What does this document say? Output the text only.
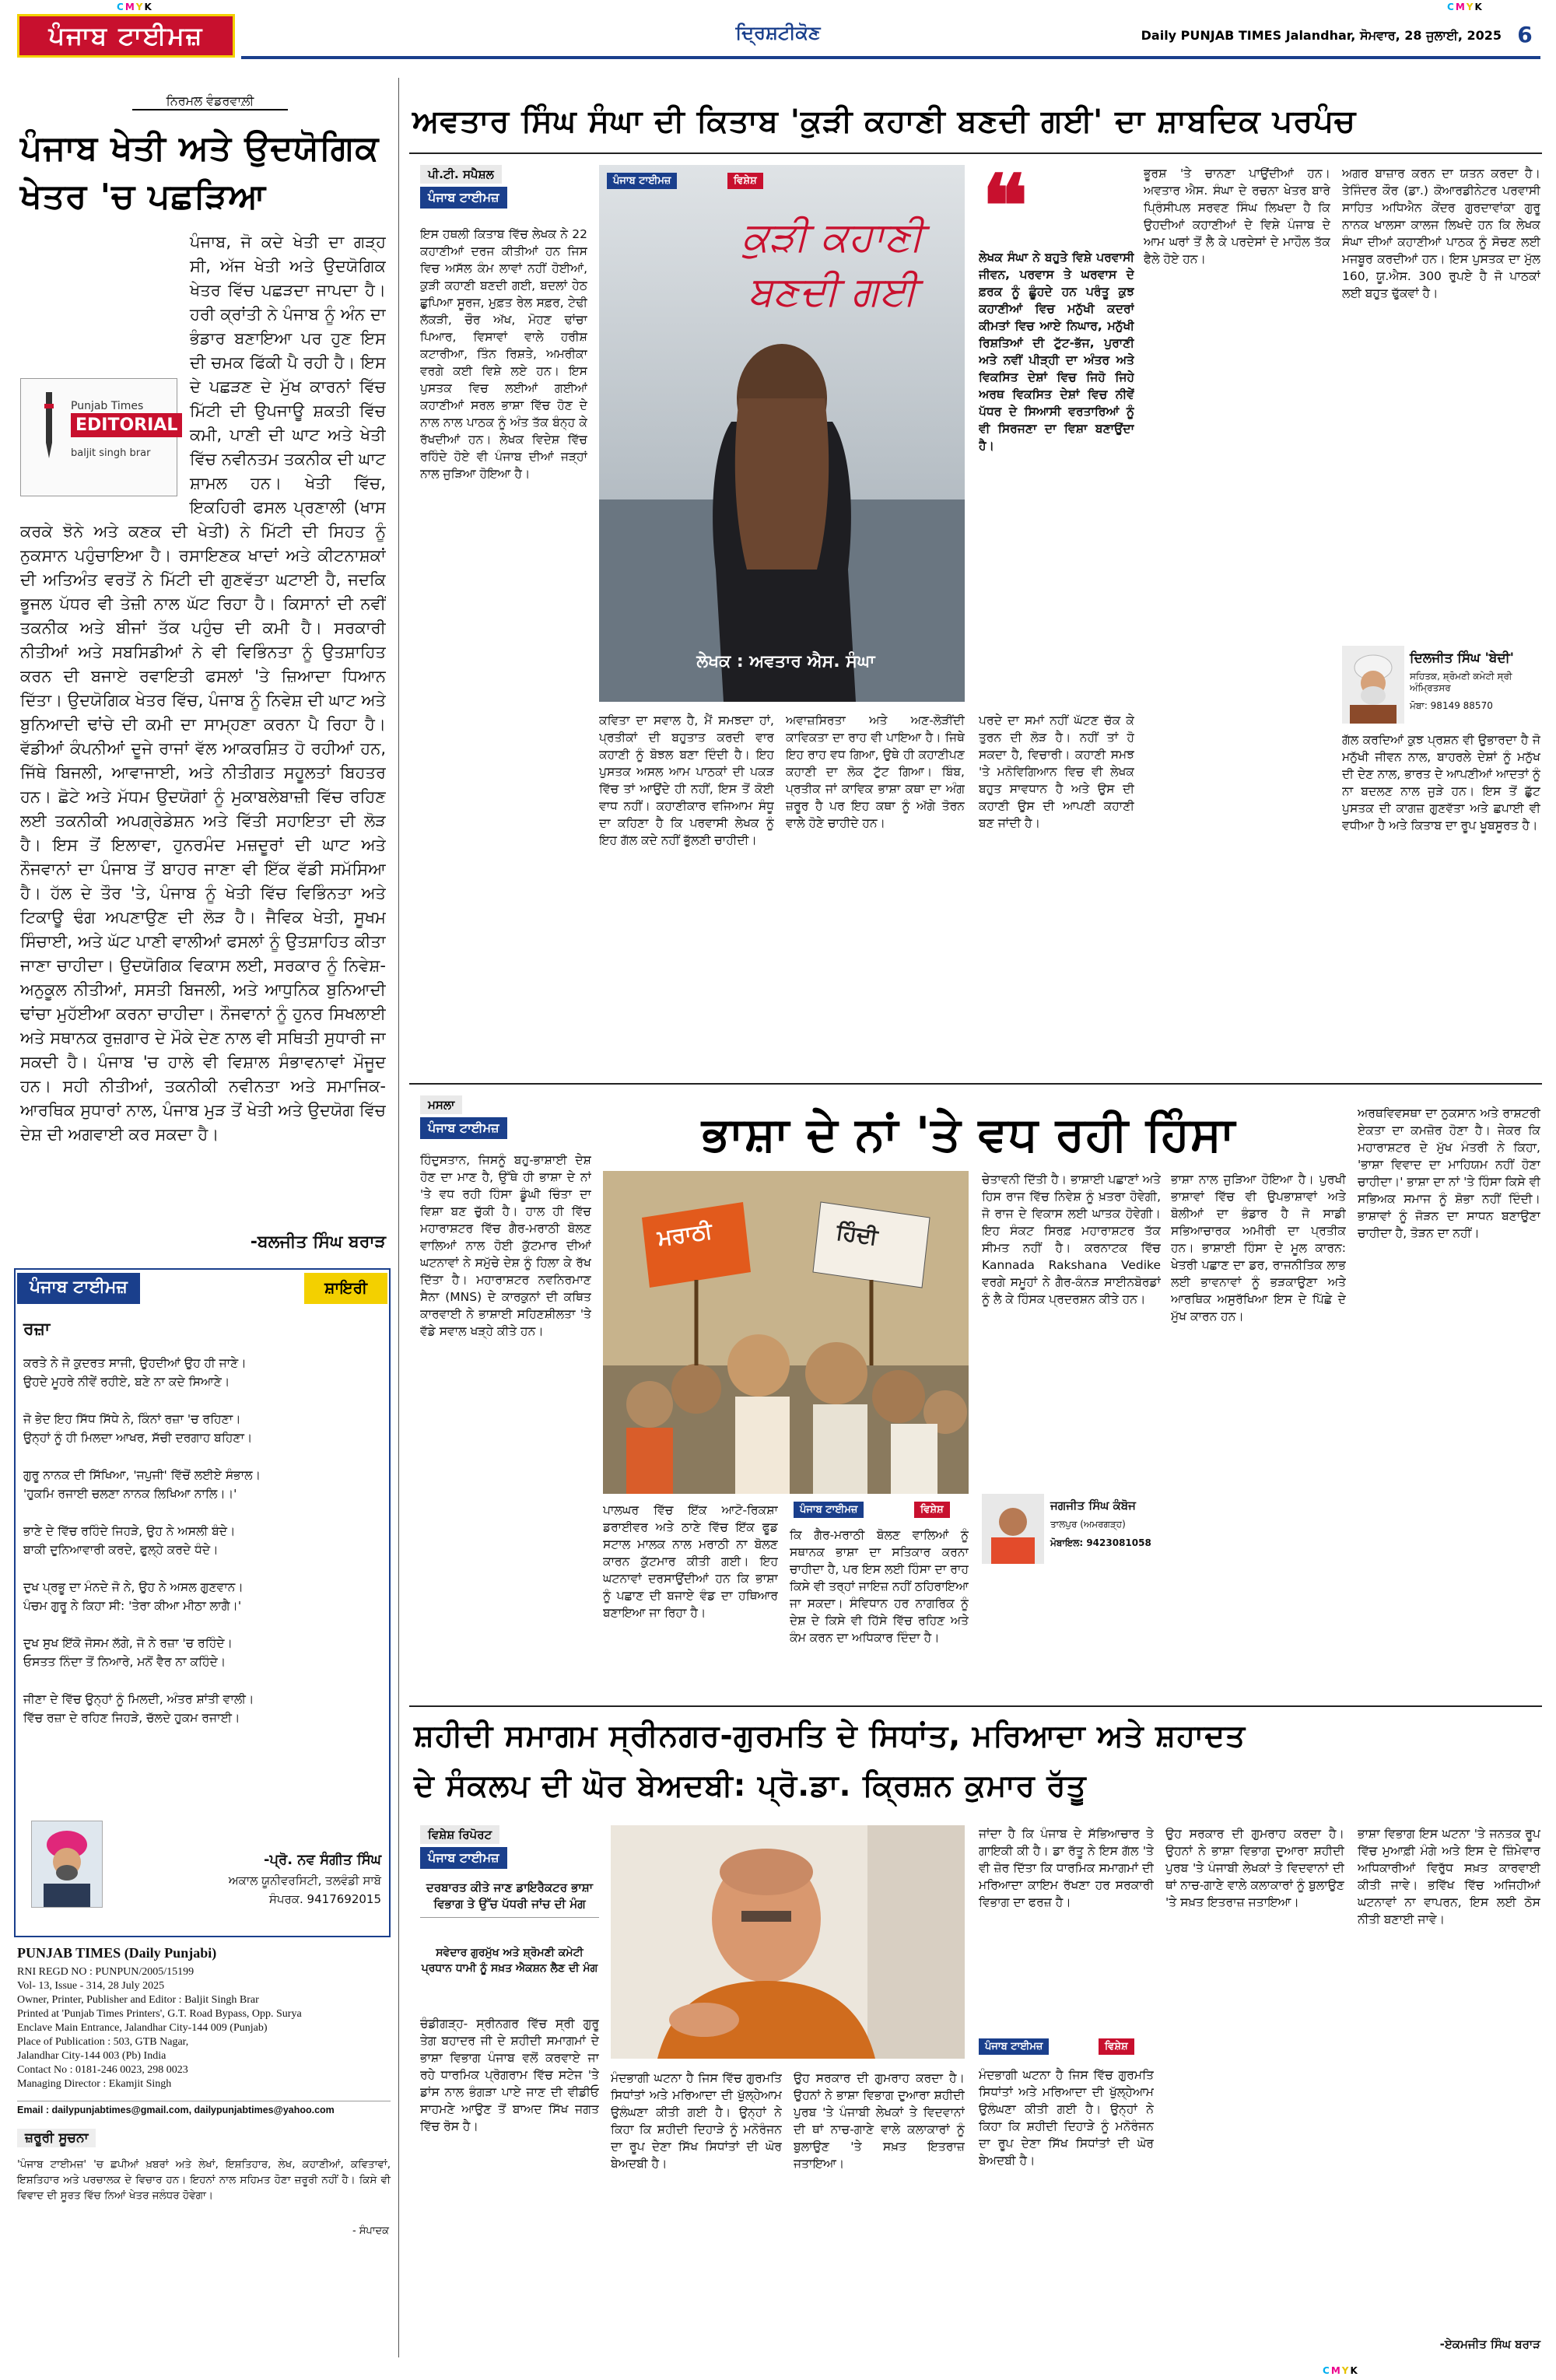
CMYK	CMYK
ਪੰਜਾਬ ਟਾਈਮਜ਼	ਦ੍ਰਿਸ਼ਟੀਕੋਣ	Daily PUNJAB TIMES Jalandhar, ਸੋਮਵਾਰ, 28 ਜੁਲਾਈ, 2025 6
ਨਿਰਮਲ ਵੰਡਰਵਾਲ਼ੀ
ਪੰਜਾਬ ਖੇਤੀ ਅਤੇ ਉਦਯੋਗਿਕ ਖੇਤਰ 'ਚ ਪਛੜਿਆ
Punjab Times
EDITORIAL
baljit singh brar
ਪੰਜਾਬ, ਜੋ ਕਦੇ ਖੇਤੀ ਦਾ ਗੜ੍ਹ ਸੀ, ਅੱਜ ਖੇਤੀ ਅਤੇ ਉਦਯੋਗਿਕ ਖੇਤਰ ਵਿੱਚ ਪਛੜਦਾ ਜਾਪਦਾ ਹੈ। ਹਰੀ ਕ੍ਰਾਂਤੀ ਨੇ ਪੰਜਾਬ ਨੂੰ ਅੰਨ ਦਾ ਭੰਡਾਰ ਬਣਾਇਆ ਪਰ ਹੁਣ ਇਸ ਦੀ ਚਮਕ ਫਿੱਕੀ ਪੈ ਰਹੀ ਹੈ। ਇਸ ਦੇ ਪਛੜਣ ਦੇ ਮੁੱਖ ਕਾਰਨਾਂ ਵਿੱਚ ਮਿੱਟੀ ਦੀ ਉਪਜਾਊ ਸ਼ਕਤੀ ਵਿੱਚ ਕਮੀ, ਪਾਣੀ ਦੀ ਘਾਟ ਅਤੇ ਖੇਤੀ ਵਿੱਚ ਨਵੀਨਤਮ ਤਕਨੀਕ ਦੀ ਘਾਟ ਸ਼ਾਮਲ ਹਨ। ਖੇਤੀ ਵਿੱਚ, ਇਕਹਿਰੀ ਫਸਲ ਪ੍ਰਣਾਲੀ (ਖਾਸ ਕਰਕੇ ਝੋਨੇ ਅਤੇ ਕਣਕ ਦੀ ਖੇਤੀ) ਨੇ ਮਿੱਟੀ ਦੀ ਸਿਹਤ ਨੂੰ ਨੁਕਸਾਨ ਪਹੁੰਚਾਇਆ ਹੈ। ਰਸਾਇਣਕ ਖਾਦਾਂ ਅਤੇ ਕੀਟਨਾਸ਼ਕਾਂ ਦੀ ਅਤਿਅੰਤ ਵਰਤੋਂ ਨੇ ਮਿੱਟੀ ਦੀ ਗੁਣਵੱਤਾ ਘਟਾਈ ਹੈ, ਜਦਕਿ ਭੂਜਲ ਪੱਧਰ ਵੀ ਤੇਜ਼ੀ ਨਾਲ ਘੱਟ ਰਿਹਾ ਹੈ। ਕਿਸਾਨਾਂ ਦੀ ਨਵੀਂ ਤਕਨੀਕ ਅਤੇ ਬੀਜਾਂ ਤੱਕ ਪਹੁੰਚ ਦੀ ਕਮੀ ਹੈ। ਸਰਕਾਰੀ ਨੀਤੀਆਂ ਅਤੇ ਸਬਸਿਡੀਆਂ ਨੇ ਵੀ ਵਿਭਿੰਨਤਾ ਨੂੰ ਉਤਸ਼ਾਹਿਤ ਕਰਨ ਦੀ ਬਜਾਏ ਰਵਾਇਤੀ ਫਸਲਾਂ 'ਤੇ ਜ਼ਿਆਦਾ ਧਿਆਨ ਦਿੱਤਾ। ਉਦਯੋਗਿਕ ਖੇਤਰ ਵਿੱਚ, ਪੰਜਾਬ ਨੂੰ ਨਿਵੇਸ਼ ਦੀ ਘਾਟ ਅਤੇ ਬੁਨਿਆਦੀ ਢਾਂਚੇ ਦੀ ਕਮੀ ਦਾ ਸਾਮ੍ਹਣਾ ਕਰਨਾ ਪੈ ਰਿਹਾ ਹੈ। ਵੱਡੀਆਂ ਕੰਪਨੀਆਂ ਦੂਜੇ ਰਾਜਾਂ ਵੱਲ ਆਕਰਸ਼ਿਤ ਹੋ ਰਹੀਆਂ ਹਨ, ਜਿੱਥੇ ਬਿਜਲੀ, ਆਵਾਜਾਈ, ਅਤੇ ਨੀਤੀਗਤ ਸਹੂਲਤਾਂ ਬਿਹਤਰ ਹਨ। ਛੋਟੇ ਅਤੇ ਮੱਧਮ ਉਦਯੋਗਾਂ ਨੂੰ ਮੁਕਾਬਲੇਬਾਜ਼ੀ ਵਿੱਚ ਰਹਿਣ ਲਈ ਤਕਨੀਕੀ ਅਪਗ੍ਰੇਡੇਸ਼ਨ ਅਤੇ ਵਿੱਤੀ ਸਹਾਇਤਾ ਦੀ ਲੋੜ ਹੈ। ਇਸ ਤੋਂ ਇਲਾਵਾ, ਹੁਨਰਮੰਦ ਮਜ਼ਦੂਰਾਂ ਦੀ ਘਾਟ ਅਤੇ ਨੌਜਵਾਨਾਂ ਦਾ ਪੰਜਾਬ ਤੋਂ ਬਾਹਰ ਜਾਣਾ ਵੀ ਇੱਕ ਵੱਡੀ ਸਮੱਸਿਆ ਹੈ। ਹੱਲ ਦੇ ਤੌਰ 'ਤੇ, ਪੰਜਾਬ ਨੂੰ ਖੇਤੀ ਵਿੱਚ ਵਿਭਿੰਨਤਾ ਅਤੇ ਟਿਕਾਊ ਢੰਗ ਅਪਣਾਉਣ ਦੀ ਲੋੜ ਹੈ। ਜੈਵਿਕ ਖੇਤੀ, ਸੂਖਮ ਸਿੰਚਾਈ, ਅਤੇ ਘੱਟ ਪਾਣੀ ਵਾਲੀਆਂ ਫਸਲਾਂ ਨੂੰ ਉਤਸ਼ਾਹਿਤ ਕੀਤਾ ਜਾਣਾ ਚਾਹੀਦਾ। ਉਦਯੋਗਿਕ ਵਿਕਾਸ ਲਈ, ਸਰਕਾਰ ਨੂੰ ਨਿਵੇਸ਼-ਅਨੁਕੂਲ ਨੀਤੀਆਂ, ਸਸਤੀ ਬਿਜਲੀ, ਅਤੇ ਆਧੁਨਿਕ ਬੁਨਿਆਦੀ ਢਾਂਚਾ ਮੁਹੱਈਆ ਕਰਨਾ ਚਾਹੀਦਾ। ਨੌਜਵਾਨਾਂ ਨੂੰ ਹੁਨਰ ਸਿਖਲਾਈ ਅਤੇ ਸਥਾਨਕ ਰੁਜ਼ਗਾਰ ਦੇ ਮੌਕੇ ਦੇਣ ਨਾਲ ਵੀ ਸਥਿਤੀ ਸੁਧਾਰੀ ਜਾ ਸਕਦੀ ਹੈ। ਪੰਜਾਬ 'ਚ ਹਾਲੇ ਵੀ ਵਿਸ਼ਾਲ ਸੰਭਾਵਨਾਵਾਂ ਮੌਜੂਦ ਹਨ। ਸਹੀ ਨੀਤੀਆਂ, ਤਕਨੀਕੀ ਨਵੀਨਤਾ ਅਤੇ ਸਮਾਜਿਕ-ਆਰਥਿਕ ਸੁਧਾਰਾਂ ਨਾਲ, ਪੰਜਾਬ ਮੁੜ ਤੋਂ ਖੇਤੀ ਅਤੇ ਉਦਯੋਗ ਵਿੱਚ ਦੇਸ਼ ਦੀ ਅਗਵਾਈ ਕਰ ਸਕਦਾ ਹੈ।
-ਬਲਜੀਤ ਸਿੰਘ ਬਰਾੜ
ਪੰਜਾਬ ਟਾਈਮਜ਼	ਸ਼ਾਇਰੀ
ਰਜ਼ਾ
ਕਰਤੇ ਨੇ ਜੋ ਕੁਦਰਤ ਸਾਜੀ, ਉਹਦੀਆਂ ਉਹ ਹੀ ਜਾਣੇ।
ਉਹਦੇ ਮੂਹਰੇ ਨੀਵੇਂ ਰਹੀਏ, ਬਣੇ ਨਾ ਕਦੇ ਸਿਆਣੇ।
ਜੋ ਭੇਦ ਇਹ ਸਿੱਧ ਸਿੱਧੇ ਨੇ, ਕਿੰਨਾਂ ਰਜ਼ਾ 'ਚ ਰਹਿਣਾ।
ਉਨ੍ਹਾਂ ਨੂੰ ਹੀ ਮਿਲਦਾ ਆਖਰ, ਸੱਚੀ ਦਰਗਾਹ ਬਹਿਣਾ।
ਗੁਰੂ ਨਾਨਕ ਦੀ ਸਿੱਖਿਆ, 'ਜਪੁਜੀ' ਵਿੱਚੋਂ ਲਈਏ ਸੰਭਾਲ।
'ਹੁਕਮਿ ਰਜਾਈ ਚਲਣਾ ਨਾਨਕ ਲਿਖਿਆ ਨਾਲਿ।।'
ਭਾਣੇ ਦੇ ਵਿੱਚ ਰਹਿੰਦੇ ਜਿਹੜੇ, ਉਹ ਨੇ ਅਸਲੀ ਬੰਦੇ।
ਬਾਕੀ ਦੁਨਿਆਵਾਰੀ ਕਰਦੇ, ਫੁਲ੍ਹੇ ਕਰਦੇ ਧੰਦੇ।
ਦੁਖ ਪ੍ਰਭੂ ਦਾ ਮੰਨਦੇ ਜੋ ਨੇ, ਉਹ ਨੇ ਅਸਲ ਗੁਣਵਾਨ।
ਪੰਚਮ ਗੁਰੂ ਨੇ ਕਿਹਾ ਸੀ: 'ਤੇਰਾ ਕੀਆ ਮੀਠਾ ਲਾਗੈ।'
ਦੁਖ ਸੁਖ ਇੱਕੋ ਜੋਸਮ ਲੱਗੇ, ਜੋ ਨੇ ਰਜ਼ਾ 'ਚ ਰਹਿੰਦੇ।
ਓਸਤਤ ਨਿੰਦਾ ਤੋਂ ਨਿਆਰੇ, ਮਨੋਂ ਵੈਰ ਨਾ ਕਹਿੰਦੇ।
ਜੀਣਾ ਦੇ ਵਿੱਚ ਉਨ੍ਹਾਂ ਨੂੰ ਮਿਲਦੀ, ਅੰਤਰ ਸ਼ਾਂਤੀ ਵਾਲੀ।
ਵਿੱਚ ਰਜ਼ਾ ਦੇ ਰਹਿਣ ਜਿਹੜੇ, ਚੱਲਦੇ ਹੁਕਮ ਰਜਾਈ।
-ਪ੍ਰੋ. ਨਵ ਸੰਗੀਤ ਸਿੰਘ
ਅਕਾਲ ਯੂਨੀਵਰਸਿਟੀ, ਤਲਵੰਡੀ ਸਾਬੋ
ਸੰਪਰਕ. 9417692015
PUNJAB TIMES (Daily Punjabi)
RNI REGD NO : PUNPUN/2005/15199
Vol- 13, Issue - 314, 28 July 2025
Owner, Printer, Publisher and Editor : Baljit Singh Brar
Printed at 'Punjab Times Printers', G.T. Road Bypass, Opp. Surya
Enclave Main Entrance, Jalandhar City-144 009 (Punjab)
Place of Publication : 503, GTB Nagar,
Jalandhar City-144 003 (Pb) India
Contact No : 0181-246 0023, 298 0023
Managing Director : Ekamjit Singh
Email : dailypunjabtimes@gmail.com, dailypunjabtimes@yahoo.com
ਜ਼ਰੂਰੀ ਸੂਚਨਾ
'ਪੰਜਾਬ ਟਾਈਮਜ਼' 'ਚ ਛਪੀਆਂ ਖ਼ਬਰਾਂ ਅਤੇ ਲੇਖਾਂ, ਇਸ਼ਤਿਹਾਰ, ਲੇਖ, ਕਹਾਣੀਆਂ, ਕਵਿਤਾਵਾਂ, ਇਸ਼ਤਿਹਾਰ ਅਤੇ ਪਰਚਾਲਕ ਦੇ ਵਿਚਾਰ ਹਨ। ਇਹਨਾਂ ਨਾਲ ਸਹਿਮਤ ਹੋਣਾ ਜ਼ਰੂਰੀ ਨਹੀਂ ਹੈ। ਕਿਸੇ ਵੀ ਵਿਵਾਦ ਦੀ ਸੂਰਤ ਵਿੱਚ ਨਿਆਂ ਖੇਤਰ ਜਲੰਧਰ ਹੋਵੇਗਾ।
- ਸੰਪਾਦਕ
ਅਵਤਾਰ ਸਿੰਘ ਸੰਘਾ ਦੀ ਕਿਤਾਬ 'ਕੁੜੀ ਕਹਾਣੀ ਬਣਦੀ ਗਈ' ਦਾ ਸ਼ਾਬਦਿਕ ਪਰਪੰਚ
ਪੀ.ਟੀ. ਸਪੈਸ਼ਲ
ਪੰਜਾਬ ਟਾਈਮਜ਼
ਇਸ ਹਥਲੀ ਕਿਤਾਬ ਵਿੱਚ ਲੇਖਕ ਨੇ 22 ਕਹਾਣੀਆਂ ਦਰਜ ਕੀਤੀਆਂ ਹਨ ਜਿਸ ਵਿਚ ਅਸੱਲ ਕੰਮ ਲਾਵਾਂ ਨਹੀਂ ਹੋਈਆਂ, ਕੁੜੀ ਕਹਾਣੀ ਬਣਦੀ ਗਈ, ਬਦਲਾਂ ਹੇਠ ਛੁਪਿਆ ਸੂਰਜ, ਮੁਫ਼ਤ ਰੇਲ ਸਫ਼ਰ, ਟੇਢੀ ਲੱਕੜੀ, ਚੌਰ ਅੱਖ, ਮੋਹਣ ਢਾਂਚਾ ਪਿਆਰ, ਵਿਸਾਵਾਂ ਵਾਲੇ ਹਰੀਸ਼ ਕਟਾਰੀਆ, ਤਿੰਨ ਰਿਸ਼ਤੇ, ਅਮਰੀਕਾ ਵਰਗੇ ਕਈ ਵਿਸ਼ੇ ਲਏ ਹਨ। ਇਸ ਪੁਸਤਕ ਵਿਚ ਲਈਆਂ ਗਈਆਂ ਕਹਾਣੀਆਂ ਸਰਲ ਭਾਸ਼ਾ ਵਿੱਚ ਹੋਣ ਦੇ ਨਾਲ ਨਾਲ ਪਾਠਕ ਨੂੰ ਅੰਤ ਤੱਕ ਬੰਨ੍ਹ ਕੇ ਰੱਖਦੀਆਂ ਹਨ। ਲੇਖਕ ਵਿਦੇਸ਼ ਵਿੱਚ ਰਹਿੰਦੇ ਹੋਏ ਵੀ ਪੰਜਾਬ ਦੀਆਂ ਜੜ੍ਹਾਂ ਨਾਲ ਜੁੜਿਆ ਹੋਇਆ ਹੈ।
ਪੰਜਾਬ ਟਾਈਮਜ਼	ਵਿਸ਼ੇਸ਼
ਕੁੜੀ ਕਹਾਣੀ ਬਣਦੀ ਗਈ
ਲੇਖਕ : ਅਵਤਾਰ ਐਸ. ਸੰਘਾ
❝
ਲੇਖਕ ਸੰਘਾ ਨੇ ਬਹੁਤੇ ਵਿਸ਼ੇ ਪਰਵਾਸੀ ਜੀਵਨ, ਪਰਵਾਸ ਤੇ ਘਰਵਾਸ ਦੇ ਫ਼ਰਕ ਨੂੰ ਛੂੰਹਦੇ ਹਨ ਪਰੰਤੂ ਕੁਝ ਕਹਾਣੀਆਂ ਵਿਚ ਮਨੁੱਖੀ ਕਦਰਾਂ ਕੀਮਤਾਂ ਵਿਚ ਆਏ ਨਿਘਾਰ, ਮਨੁੱਖੀ ਰਿਸ਼ਤਿਆਂ ਦੀ ਟੁੱਟ-ਭੱਜ, ਪੁਰਾਣੀ ਅਤੇ ਨਵੀਂ ਪੀੜ੍ਹੀ ਦਾ ਅੰਤਰ ਅਤੇ ਵਿਕਸਿਤ ਦੇਸ਼ਾਂ ਵਿਚ ਜਿਹੋ ਜਿਹੇ ਅਰਥ ਵਿਕਸਿਤ ਦੇਸ਼ਾਂ ਵਿਚ ਨੀਵੇਂ ਪੱਧਰ ਦੇ ਸਿਆਸੀ ਵਰਤਾਰਿਆਂ ਨੂੰ ਵੀ ਸਿਰਜਣਾ ਦਾ ਵਿਸ਼ਾ ਬਣਾਉਂਦਾ ਹੈ।
ਕਵਿਤਾ ਦਾ ਸਵਾਲ ਹੈ, ਮੈਂ ਸਮਝਦਾ ਹਾਂ, ਪ੍ਰਤੀਕਾਂ ਦੀ ਬਹੁਤਾਤ ਕਰਦੀ ਵਾਰ ਕਹਾਣੀ ਨੂੰ ਬੋਝਲ ਬਣਾ ਦਿੰਦੀ ਹੈ। ਇਹ ਪੁਸਤਕ ਅਸਲ ਆਮ ਪਾਠਕਾਂ ਦੀ ਪਕੜ ਵਿੱਚ ਤਾਂ ਆਉਂਦੇ ਹੀ ਨਹੀਂ, ਇਸ ਤੋਂ ਕੋਈ ਵਾਧ ਨਹੀਂ। ਕਹਾਣੀਕਾਰ ਵਜਿਆਮ ਸੰਧੂ ਦਾ ਕਹਿਣਾ ਹੈ ਕਿ ਪਰਵਾਸੀ ਲੇਖਕ ਨੂੰ ਇਹ ਗੱਲ ਕਦੇ ਨਹੀਂ ਭੁੱਲਣੀ ਚਾਹੀਦੀ।
ਅਵਾਜ਼ਸਿਰਤਾ ਅਤੇ ਅਣ-ਲੋੜੀਂਦੀ ਕਾਵਿਕਤਾ ਦਾ ਰਾਹ ਵੀ ਪਾਇਆ ਹੈ। ਜਿਥੇ ਇਹ ਰਾਹ ਵਧ ਗਿਆ, ਉਥੇ ਹੀ ਕਹਾਣੀਪਣ ਕਹਾਣੀ ਦਾ ਲੋਕ ਟੁੱਟ ਗਿਆ। ਬਿੰਬ, ਪ੍ਰਤੀਕ ਜਾਂ ਕਾਵਿਕ ਭਾਸ਼ਾ ਕਥਾ ਦਾ ਅੰਗ ਜ਼ਰੂਰ ਹੈ ਪਰ ਇਹ ਕਥਾ ਨੂੰ ਅੱਗੇ ਤੋਰਨ ਵਾਲੇ ਹੋਣੇ ਚਾਹੀਦੇ ਹਨ।
ਪਰਦੇ ਦਾ ਸਮਾਂ ਨਹੀਂ ਘੱਟਣ ਚੱਕ ਕੇ ਤੁਰਨ ਦੀ ਲੋੜ ਹੈ। ਨਹੀਂ ਤਾਂ ਹੋ ਸਕਦਾ ਹੈ, ਵਿਚਾਰੀ। ਕਹਾਣੀ ਸਮਝ 'ਤੇ ਮਨੋਵਿਗਿਆਨ ਵਿਚ ਵੀ ਲੇਖਕ ਬਹੁਤ ਸਾਵਧਾਨ ਹੈ ਅਤੇ ਉਸ ਦੀ ਕਹਾਣੀ ਉਸ ਦੀ ਆਪਣੀ ਕਹਾਣੀ ਬਣ ਜਾਂਦੀ ਹੈ।
ਭੂਰਸ਼ 'ਤੇ ਚਾਨਣਾ ਪਾਉਂਦੀਆਂ ਹਨ। ਅਵਤਾਰ ਐਸ. ਸੰਘਾ ਦੇ ਰਚਨਾ ਖੇਤਰ ਬਾਰੇ ਪ੍ਰਿੰਸੀਪਲ ਸਰਵਣ ਸਿੰਘ ਲਿਖਦਾ ਹੈ ਕਿ ਉਹਦੀਆਂ ਕਹਾਣੀਆਂ ਦੇ ਵਿਸ਼ੇ ਪੰਜਾਬ ਦੇ ਆਮ ਘਰਾਂ ਤੋਂ ਲੈ ਕੇ ਪਰਦੇਸਾਂ ਦੇ ਮਾਹੌਲ ਤੱਕ ਫੈਲੇ ਹੋਏ ਹਨ।
ਅਗਰ ਬਾਜ਼ਾਰ ਕਰਨ ਦਾ ਯਤਨ ਕਰਦਾ ਹੈ। ਤੇਜਿੰਦਰ ਕੌਰ (ਡਾ.) ਕੋਆਰਡੀਨੇਟਰ ਪਰਵਾਸੀ ਸਾਹਿਤ ਅਧਿਐਨ ਕੇਂਦਰ ਗੁਰਦਾਵਾਂਕਾ ਗੁਰੂ ਨਾਨਕ ਖਾਲਸਾ ਕਾਲਜ ਲਿਖਦੇ ਹਨ ਕਿ ਲੇਖਕ ਸੰਘਾ ਦੀਆਂ ਕਹਾਣੀਆਂ ਪਾਠਕ ਨੂੰ ਸੋਚਣ ਲਈ ਮਜਬੂਰ ਕਰਦੀਆਂ ਹਨ। ਇਸ ਪੁਸਤਕ ਦਾ ਮੁੱਲ 160, ਯੂ.ਐਸ. 300 ਰੁਪਏ ਹੈ ਜੋ ਪਾਠਕਾਂ ਲਈ ਬਹੁਤ ਢੁੱਕਵਾਂ ਹੈ।
ਦਿਲਜੀਤ ਸਿੰਘ 'ਬੇਦੀ'
ਸਹਿਤਕ, ਸ਼੍ਰੋਮਣੀ ਕਮੇਟੀ ਸ੍ਰੀ ਅੰਮ੍ਰਿਤਸਰ
ਮੋਬਾ: 98149 88570
ਗੱਲ ਕਰਦਿਆਂ ਕੁਝ ਪ੍ਰਸ਼ਨ ਵੀ ਉਭਾਰਦਾ ਹੈ ਜੋ ਮਨੁੱਖੀ ਜੀਵਨ ਨਾਲ, ਬਾਹਰਲੇ ਦੇਸ਼ਾਂ ਨੂੰ ਮਨੁੱਖ ਦੀ ਦੇਣ ਨਾਲ, ਭਾਰਤ ਦੇ ਆਪਣੀਆਂ ਆਦਤਾਂ ਨੂੰ ਨਾ ਬਦਲਣ ਨਾਲ ਜੁੜੇ ਹਨ। ਇਸ ਤੋਂ ਛੁੱਟ ਪੁਸਤਕ ਦੀ ਕਾਗਜ਼ ਗੁਣਵੱਤਾ ਅਤੇ ਛਪਾਈ ਵੀ ਵਧੀਆ ਹੈ ਅਤੇ ਕਿਤਾਬ ਦਾ ਰੂਪ ਖੂਬਸੂਰਤ ਹੈ।
ਮਸਲਾ
ਪੰਜਾਬ ਟਾਈਮਜ਼	ਭਾਸ਼ਾ ਦੇ ਨਾਂ 'ਤੇ ਵਧ ਰਹੀ ਹਿੰਸਾ
ਹਿੰਦੁਸਤਾਨ, ਜਿਸਨੂੰ ਬਹੁ-ਭਾਸ਼ਾਈ ਦੇਸ਼ ਹੋਣ ਦਾ ਮਾਣ ਹੈ, ਉੱਥੇ ਹੀ ਭਾਸ਼ਾ ਦੇ ਨਾਂ 'ਤੇ ਵਧ ਰਹੀ ਹਿੰਸਾ ਡੂੰਘੀ ਚਿੰਤਾ ਦਾ ਵਿਸ਼ਾ ਬਣ ਚੁੱਕੀ ਹੈ। ਹਾਲ ਹੀ ਵਿੱਚ ਮਹਾਰਾਸ਼ਟਰ ਵਿੱਚ ਗੈਰ-ਮਰਾਠੀ ਬੋਲਣ ਵਾਲਿਆਂ ਨਾਲ ਹੋਈ ਕੁੱਟਮਾਰ ਦੀਆਂ ਘਟਨਾਵਾਂ ਨੇ ਸਮੁੱਚੇ ਦੇਸ਼ ਨੂੰ ਹਿਲਾ ਕੇ ਰੱਖ ਦਿੱਤਾ ਹੈ। ਮਹਾਰਾਸ਼ਟਰ ਨਵਨਿਰਮਾਣ ਸੈਨਾ (MNS) ਦੇ ਕਾਰਕੁਨਾਂ ਦੀ ਕਥਿਤ ਕਾਰਵਾਈ ਨੇ ਭਾਸ਼ਾਈ ਸਹਿਣਸ਼ੀਲਤਾ 'ਤੇ ਵੱਡੇ ਸਵਾਲ ਖੜ੍ਹੇ ਕੀਤੇ ਹਨ।
ਮਰਾਠੀ	ਹਿੰਦੀ
ਪਾਲਘਰ ਵਿੱਚ ਇੱਕ ਆਟੋ-ਰਿਕਸ਼ਾ ਡਰਾਈਵਰ ਅਤੇ ਠਾਣੇ ਵਿੱਚ ਇੱਕ ਫੂਡ ਸਟਾਲ ਮਾਲਕ ਨਾਲ ਮਰਾਠੀ ਨਾ ਬੋਲਣ ਕਾਰਨ ਕੁੱਟਮਾਰ ਕੀਤੀ ਗਈ। ਇਹ ਘਟਨਾਵਾਂ ਦਰਸਾਉਂਦੀਆਂ ਹਨ ਕਿ ਭਾਸ਼ਾ ਨੂੰ ਪਛਾਣ ਦੀ ਬਜਾਏ ਵੰਡ ਦਾ ਹਥਿਆਰ ਬਣਾਇਆ ਜਾ ਰਿਹਾ ਹੈ।
ਪੰਜਾਬ ਟਾਈਮਜ਼	ਵਿਸ਼ੇਸ਼
ਕਿ ਗੈਰ-ਮਰਾਠੀ ਬੋਲਣ ਵਾਲਿਆਂ ਨੂੰ ਸਥਾਨਕ ਭਾਸ਼ਾ ਦਾ ਸਤਿਕਾਰ ਕਰਨਾ ਚਾਹੀਦਾ ਹੈ, ਪਰ ਇਸ ਲਈ ਹਿੰਸਾ ਦਾ ਰਾਹ ਕਿਸੇ ਵੀ ਤਰ੍ਹਾਂ ਜਾਇਜ਼ ਨਹੀਂ ਠਹਿਰਾਇਆ ਜਾ ਸਕਦਾ। ਸੰਵਿਧਾਨ ਹਰ ਨਾਗਰਿਕ ਨੂੰ ਦੇਸ਼ ਦੇ ਕਿਸੇ ਵੀ ਹਿੱਸੇ ਵਿੱਚ ਰਹਿਣ ਅਤੇ ਕੰਮ ਕਰਨ ਦਾ ਅਧਿਕਾਰ ਦਿੰਦਾ ਹੈ।
ਚੇਤਾਵਨੀ ਦਿੱਤੀ ਹੈ। ਭਾਸ਼ਾਈ ਪਛਾਣਾਂ ਅਤੇ ਹਿਸ ਰਾਜ ਵਿੱਚ ਨਿਵੇਸ਼ ਨੂੰ ਖ਼ਤਰਾ ਹੋਵੇਗੀ, ਜੋ ਰਾਜ ਦੇ ਵਿਕਾਸ ਲਈ ਘਾਤਕ ਹੋਵੇਗੀ। ਇਹ ਸੰਕਟ ਸਿਰਫ਼ ਮਹਾਰਾਸ਼ਟਰ ਤੱਕ ਸੀਮਤ ਨਹੀਂ ਹੈ। ਕਰਨਾਟਕ ਵਿੱਚ Kannada Rakshana Vedike ਵਰਗੇ ਸਮੂਹਾਂ ਨੇ ਗੈਰ-ਕੰਨੜ ਸਾਈਨਬੋਰਡਾਂ ਨੂੰ ਲੈ ਕੇ ਹਿੰਸਕ ਪ੍ਰਦਰਸ਼ਨ ਕੀਤੇ ਹਨ।
ਜਗਜੀਤ ਸਿੰਘ ਕੰਬੋਜ
ਤਾਲਪੁਰ (ਅਮਰਗੜ੍ਹ)
ਮੋਬਾਇਲ: 9423081058
ਭਾਸ਼ਾ ਨਾਲ ਜੁੜਿਆ ਹੋਇਆ ਹੈ। ਪੁਰਖੀ ਭਾਸ਼ਾਵਾਂ ਵਿੱਚ ਵੀ ਉਪਭਾਸ਼ਾਵਾਂ ਅਤੇ ਬੋਲੀਆਂ ਦਾ ਭੰਡਾਰ ਹੈ ਜੋ ਸਾਡੀ ਸਭਿਆਚਾਰਕ ਅਮੀਰੀ ਦਾ ਪ੍ਰਤੀਕ ਹਨ। ਭਾਸ਼ਾਈ ਹਿੰਸਾ ਦੇ ਮੂਲ ਕਾਰਨ: ਖੇਤਰੀ ਪਛਾਣ ਦਾ ਡਰ, ਰਾਜਨੀਤਿਕ ਲਾਭ ਲਈ ਭਾਵਨਾਵਾਂ ਨੂੰ ਭੜਕਾਉਣਾ ਅਤੇ ਆਰਥਿਕ ਅਸੁਰੱਖਿਆ ਇਸ ਦੇ ਪਿੱਛੇ ਦੇ ਮੁੱਖ ਕਾਰਨ ਹਨ।
ਅਰਥਵਿਵਸਥਾ ਦਾ ਨੁਕਸਾਨ ਅਤੇ ਰਾਸ਼ਟਰੀ ਏਕਤਾ ਦਾ ਕਮਜ਼ੋਰ ਹੋਣਾ ਹੈ। ਜੇਕਰ ਕਿ ਮਹਾਰਾਸ਼ਟਰ ਦੇ ਮੁੱਖ ਮੰਤਰੀ ਨੇ ਕਿਹਾ, 'ਭਾਸ਼ਾ ਵਿਵਾਦ ਦਾ ਮਾਹਿਯਮ ਨਹੀਂ ਹੋਣਾ ਚਾਹੀਦਾ।' ਭਾਸ਼ਾ ਦਾ ਨਾਂ 'ਤੇ ਹਿੰਸਾ ਕਿਸੇ ਵੀ ਸਭਿਅਕ ਸਮਾਜ ਨੂੰ ਸ਼ੋਭਾ ਨਹੀਂ ਦਿੰਦੀ। ਭਾਸ਼ਾਵਾਂ ਨੂੰ ਜੋੜਨ ਦਾ ਸਾਧਨ ਬਣਾਉਣਾ ਚਾਹੀਦਾ ਹੈ, ਤੋੜਨ ਦਾ ਨਹੀਂ।
ਸ਼ਹੀਦੀ ਸਮਾਗਮ ਸ੍ਰੀਨਗਰ-ਗੁਰਮਤਿ ਦੇ ਸਿਧਾਂਤ, ਮਰਿਆਦਾ ਅਤੇ ਸ਼ਹਾਦਤ
ਦੇ ਸੰਕਲਪ ਦੀ ਘੋਰ ਬੇਅਦਬੀ: ਪ੍ਰੋ.ਡਾ. ਕ੍ਰਿਸ਼ਨ ਕੁਮਾਰ ਰੱਤੂ
ਵਿਸ਼ੇਸ਼ ਰਿਪੋਰਟ
ਪੰਜਾਬ ਟਾਈਮਜ਼
ਦਰਬਾਰਤ ਕੀਤੇ ਜਾਣ ਡਾਇਰੈਕਟਰ ਭਾਸ਼ਾ ਵਿਭਾਗ ਤੇ ਉੱਚ ਪੱਧਰੀ ਜਾਂਚ ਦੀ ਮੰਗ
ਸਵੇਦਾਰ ਗੁਰਮੁੱਖ ਅਤੇ ਸ਼੍ਰੋਮਣੀ ਕਮੇਟੀ ਪ੍ਰਧਾਨ ਧਾਮੀ ਨੂੰ ਸਖ਼ਤ ਐਕਸ਼ਨ ਲੈਣ ਦੀ ਮੰਗ
ਚੰਡੀਗੜ੍ਹ- ਸ੍ਰੀਨਗਰ ਵਿੱਚ ਸ੍ਰੀ ਗੁਰੂ ਤੇਗ ਬਹਾਦਰ ਜੀ ਦੇ ਸ਼ਹੀਦੀ ਸਮਾਗਮਾਂ ਦੇ ਭਾਸ਼ਾ ਵਿਭਾਗ ਪੰਜਾਬ ਵਲੋਂ ਕਰਵਾਏ ਜਾ ਰਹੇ ਧਾਰਮਿਕ ਪ੍ਰੋਗਰਾਮ ਵਿੱਚ ਸਟੇਜ 'ਤੇ ਡਾਂਸ ਨਾਲ ਭੰਗੜਾ ਪਾਏ ਜਾਣ ਦੀ ਵੀਡੀਓ ਸਾਹਮਣੇ ਆਉਣ ਤੋਂ ਬਾਅਦ ਸਿੱਖ ਜਗਤ ਵਿੱਚ ਰੋਸ ਹੈ।
ਮੰਦਭਾਗੀ ਘਟਨਾ ਹੈ ਜਿਸ ਵਿੱਚ ਗੁਰਮਤਿ ਸਿਧਾਂਤਾਂ ਅਤੇ ਮਰਿਆਦਾ ਦੀ ਖੁੱਲ੍ਹੇਆਮ ਉਲੰਘਣਾ ਕੀਤੀ ਗਈ ਹੈ। ਉਨ੍ਹਾਂ ਨੇ ਕਿਹਾ ਕਿ ਸ਼ਹੀਦੀ ਦਿਹਾੜੇ ਨੂੰ ਮਨੋਰੰਜਨ ਦਾ ਰੂਪ ਦੇਣਾ ਸਿੱਖ ਸਿਧਾਂਤਾਂ ਦੀ ਘੋਰ ਬੇਅਦਬੀ ਹੈ।
ਉਹ ਸਰਕਾਰ ਦੀ ਗੁਮਰਾਹ ਕਰਦਾ ਹੈ। ਉਹਨਾਂ ਨੇ ਭਾਸ਼ਾ ਵਿਭਾਗ ਦੁਆਰਾ ਸ਼ਹੀਦੀ ਪੁਰਬ 'ਤੇ ਪੰਜਾਬੀ ਲੇਖਕਾਂ ਤੇ ਵਿਦਵਾਨਾਂ ਦੀ ਥਾਂ ਨਾਚ-ਗਾਣੇ ਵਾਲੇ ਕਲਾਕਾਰਾਂ ਨੂੰ ਬੁਲਾਉਣ 'ਤੇ ਸਖ਼ਤ ਇਤਰਾਜ਼ ਜਤਾਇਆ।
ਜਾਂਦਾ ਹੈ ਕਿ ਪੰਜਾਬ ਦੇ ਸੱਭਿਆਚਾਰ ਤੇ ਗਾਇਕੀ ਕੀ ਹੈ। ਡਾ ਰੱਤੂ ਨੇ ਇਸ ਗੱਲ 'ਤੇ ਵੀ ਜ਼ੋਰ ਦਿੱਤਾ ਕਿ ਧਾਰਮਿਕ ਸਮਾਗਮਾਂ ਦੀ ਮਰਿਆਦਾ ਕਾਇਮ ਰੱਖਣਾ ਹਰ ਸਰਕਾਰੀ ਵਿਭਾਗ ਦਾ ਫਰਜ਼ ਹੈ।
ਪੰਜਾਬ ਟਾਈਮਜ਼	ਵਿਸ਼ੇਸ਼
ਮੰਦਭਾਗੀ ਘਟਨਾ ਹੈ ਜਿਸ ਵਿੱਚ ਗੁਰਮਤਿ ਸਿਧਾਂਤਾਂ ਅਤੇ ਮਰਿਆਦਾ ਦੀ ਖੁੱਲ੍ਹੇਆਮ ਉਲੰਘਣਾ ਕੀਤੀ ਗਈ ਹੈ। ਉਨ੍ਹਾਂ ਨੇ ਕਿਹਾ ਕਿ ਸ਼ਹੀਦੀ ਦਿਹਾੜੇ ਨੂੰ ਮਨੋਰੰਜਨ ਦਾ ਰੂਪ ਦੇਣਾ ਸਿੱਖ ਸਿਧਾਂਤਾਂ ਦੀ ਘੋਰ ਬੇਅਦਬੀ ਹੈ।
ਉਹ ਸਰਕਾਰ ਦੀ ਗੁਮਰਾਹ ਕਰਦਾ ਹੈ। ਉਹਨਾਂ ਨੇ ਭਾਸ਼ਾ ਵਿਭਾਗ ਦੁਆਰਾ ਸ਼ਹੀਦੀ ਪੁਰਬ 'ਤੇ ਪੰਜਾਬੀ ਲੇਖਕਾਂ ਤੇ ਵਿਦਵਾਨਾਂ ਦੀ ਥਾਂ ਨਾਚ-ਗਾਣੇ ਵਾਲੇ ਕਲਾਕਾਰਾਂ ਨੂੰ ਬੁਲਾਉਣ 'ਤੇ ਸਖ਼ਤ ਇਤਰਾਜ਼ ਜਤਾਇਆ।
ਭਾਸ਼ਾ ਵਿਭਾਗ ਇਸ ਘਟਨਾ 'ਤੇ ਜਨਤਕ ਰੂਪ ਵਿੱਚ ਮੁਆਫ਼ੀ ਮੰਗੇ ਅਤੇ ਇਸ ਦੇ ਜ਼ਿੰਮੇਵਾਰ ਅਧਿਕਾਰੀਆਂ ਵਿਰੁੱਧ ਸਖ਼ਤ ਕਾਰਵਾਈ ਕੀਤੀ ਜਾਵੇ। ਭਵਿੱਖ ਵਿੱਚ ਅਜਿਹੀਆਂ ਘਟਨਾਵਾਂ ਨਾ ਵਾਪਰਨ, ਇਸ ਲਈ ਠੋਸ ਨੀਤੀ ਬਣਾਈ ਜਾਵੇ।
-ਏਕਮਜੀਤ ਸਿੰਘ ਬਰਾੜ
CMYK
